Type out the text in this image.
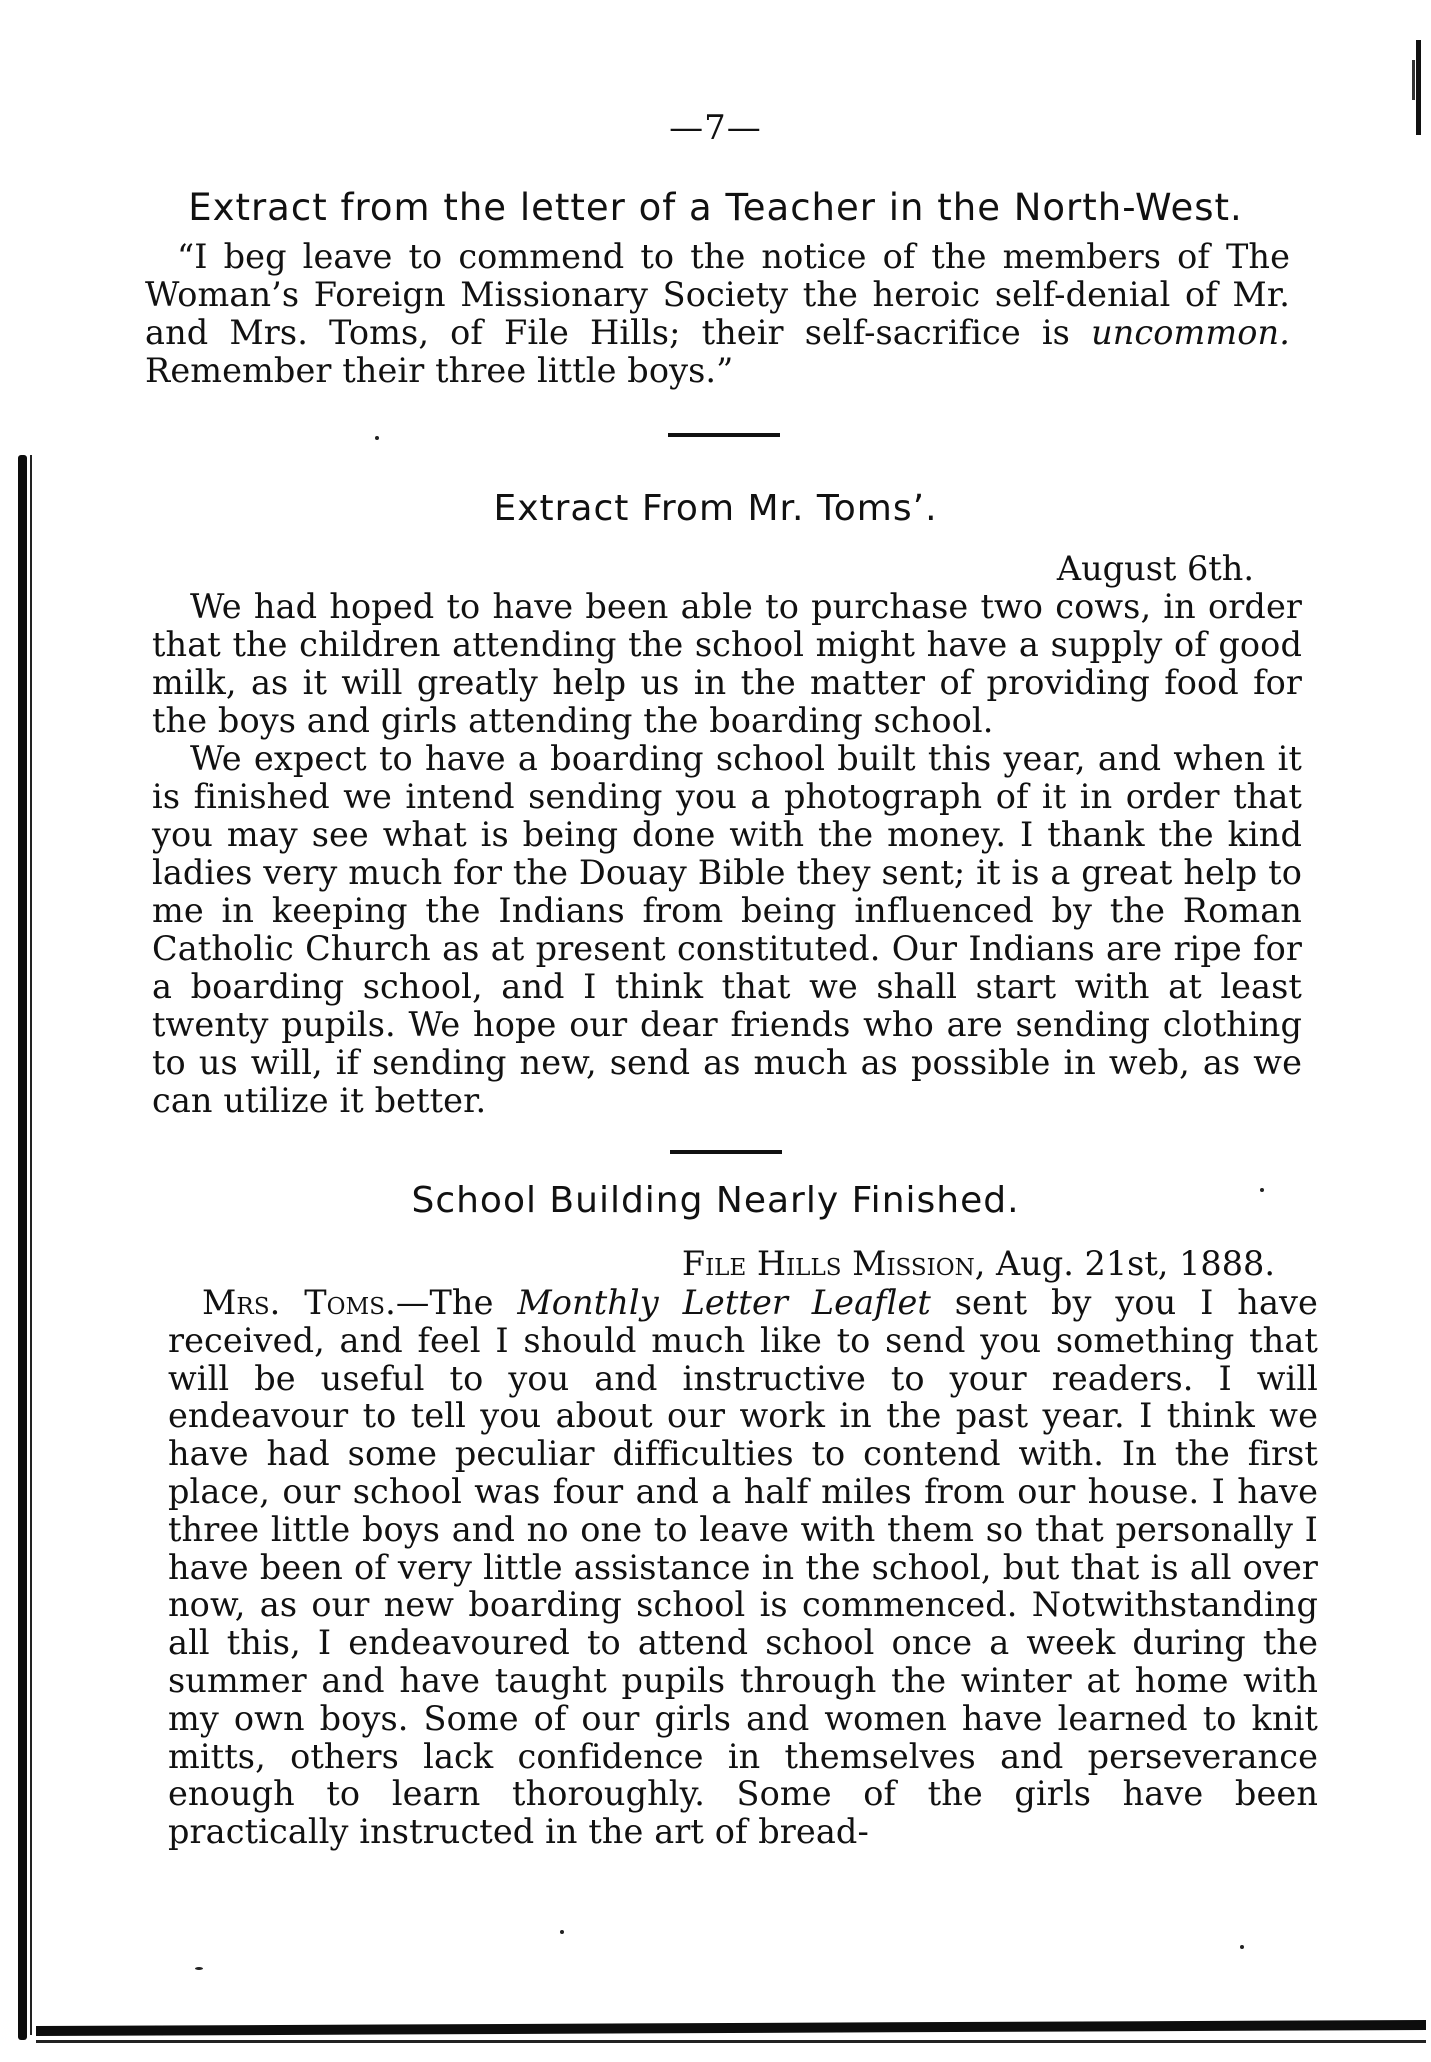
—7—
Extract from the letter of a Teacher in the North-West.

“I beg leave to commend to the notice of the members of The Woman’s Foreign Missionary Society the heroic self-denial of Mr. and Mrs. Toms, of File Hills; their self-sacrifice is uncommon. Remember their three little boys.”

Extract From Mr. Toms’.
August 6th.

We had hoped to have been able to purchase two cows, in order that the children attending the school might have a supply of good milk, as it will greatly help us in the matter of providing food for the boys and girls attending the boarding school.

We expect to have a boarding school built this year, and when it is finished we intend sending you a photograph of it in order that you may see what is being done with the money. I thank the kind ladies very much for the Douay Bible they sent; it is a great help to me in keeping the Indians from being influenced by the Roman Catholic Church as at present constituted. Our Indians are ripe for a boarding school, and I think that we shall start with at least twenty pupils. We hope our dear friends who are sending clothing to us will, if sending new, send as much as possible in web, as we can utilize it better.

School Building Nearly Finished.
File Hills Mission, Aug. 21st, 1888.

Mrs. Toms.—The Monthly Letter Leaflet sent by you I have received, and feel I should much like to send you something that will be useful to you and instructive to your readers. I will endeavour to tell you about our work in the past year. I think we have had some peculiar difficulties to contend with. In the first place, our school was four and a half miles from our house. I have three little boys and no one to leave with them so that personally I have been of very little assistance in the school, but that is all over now, as our new boarding school is commenced. Notwithstanding all this, I endeavoured to attend school once a week during the summer and have taught pupils through the winter at home with my own boys. Some of our girls and women have learned to knit mitts, others lack confidence in themselves and perseverance enough to learn thoroughly. Some of the girls have been practically instructed in the art of bread-
